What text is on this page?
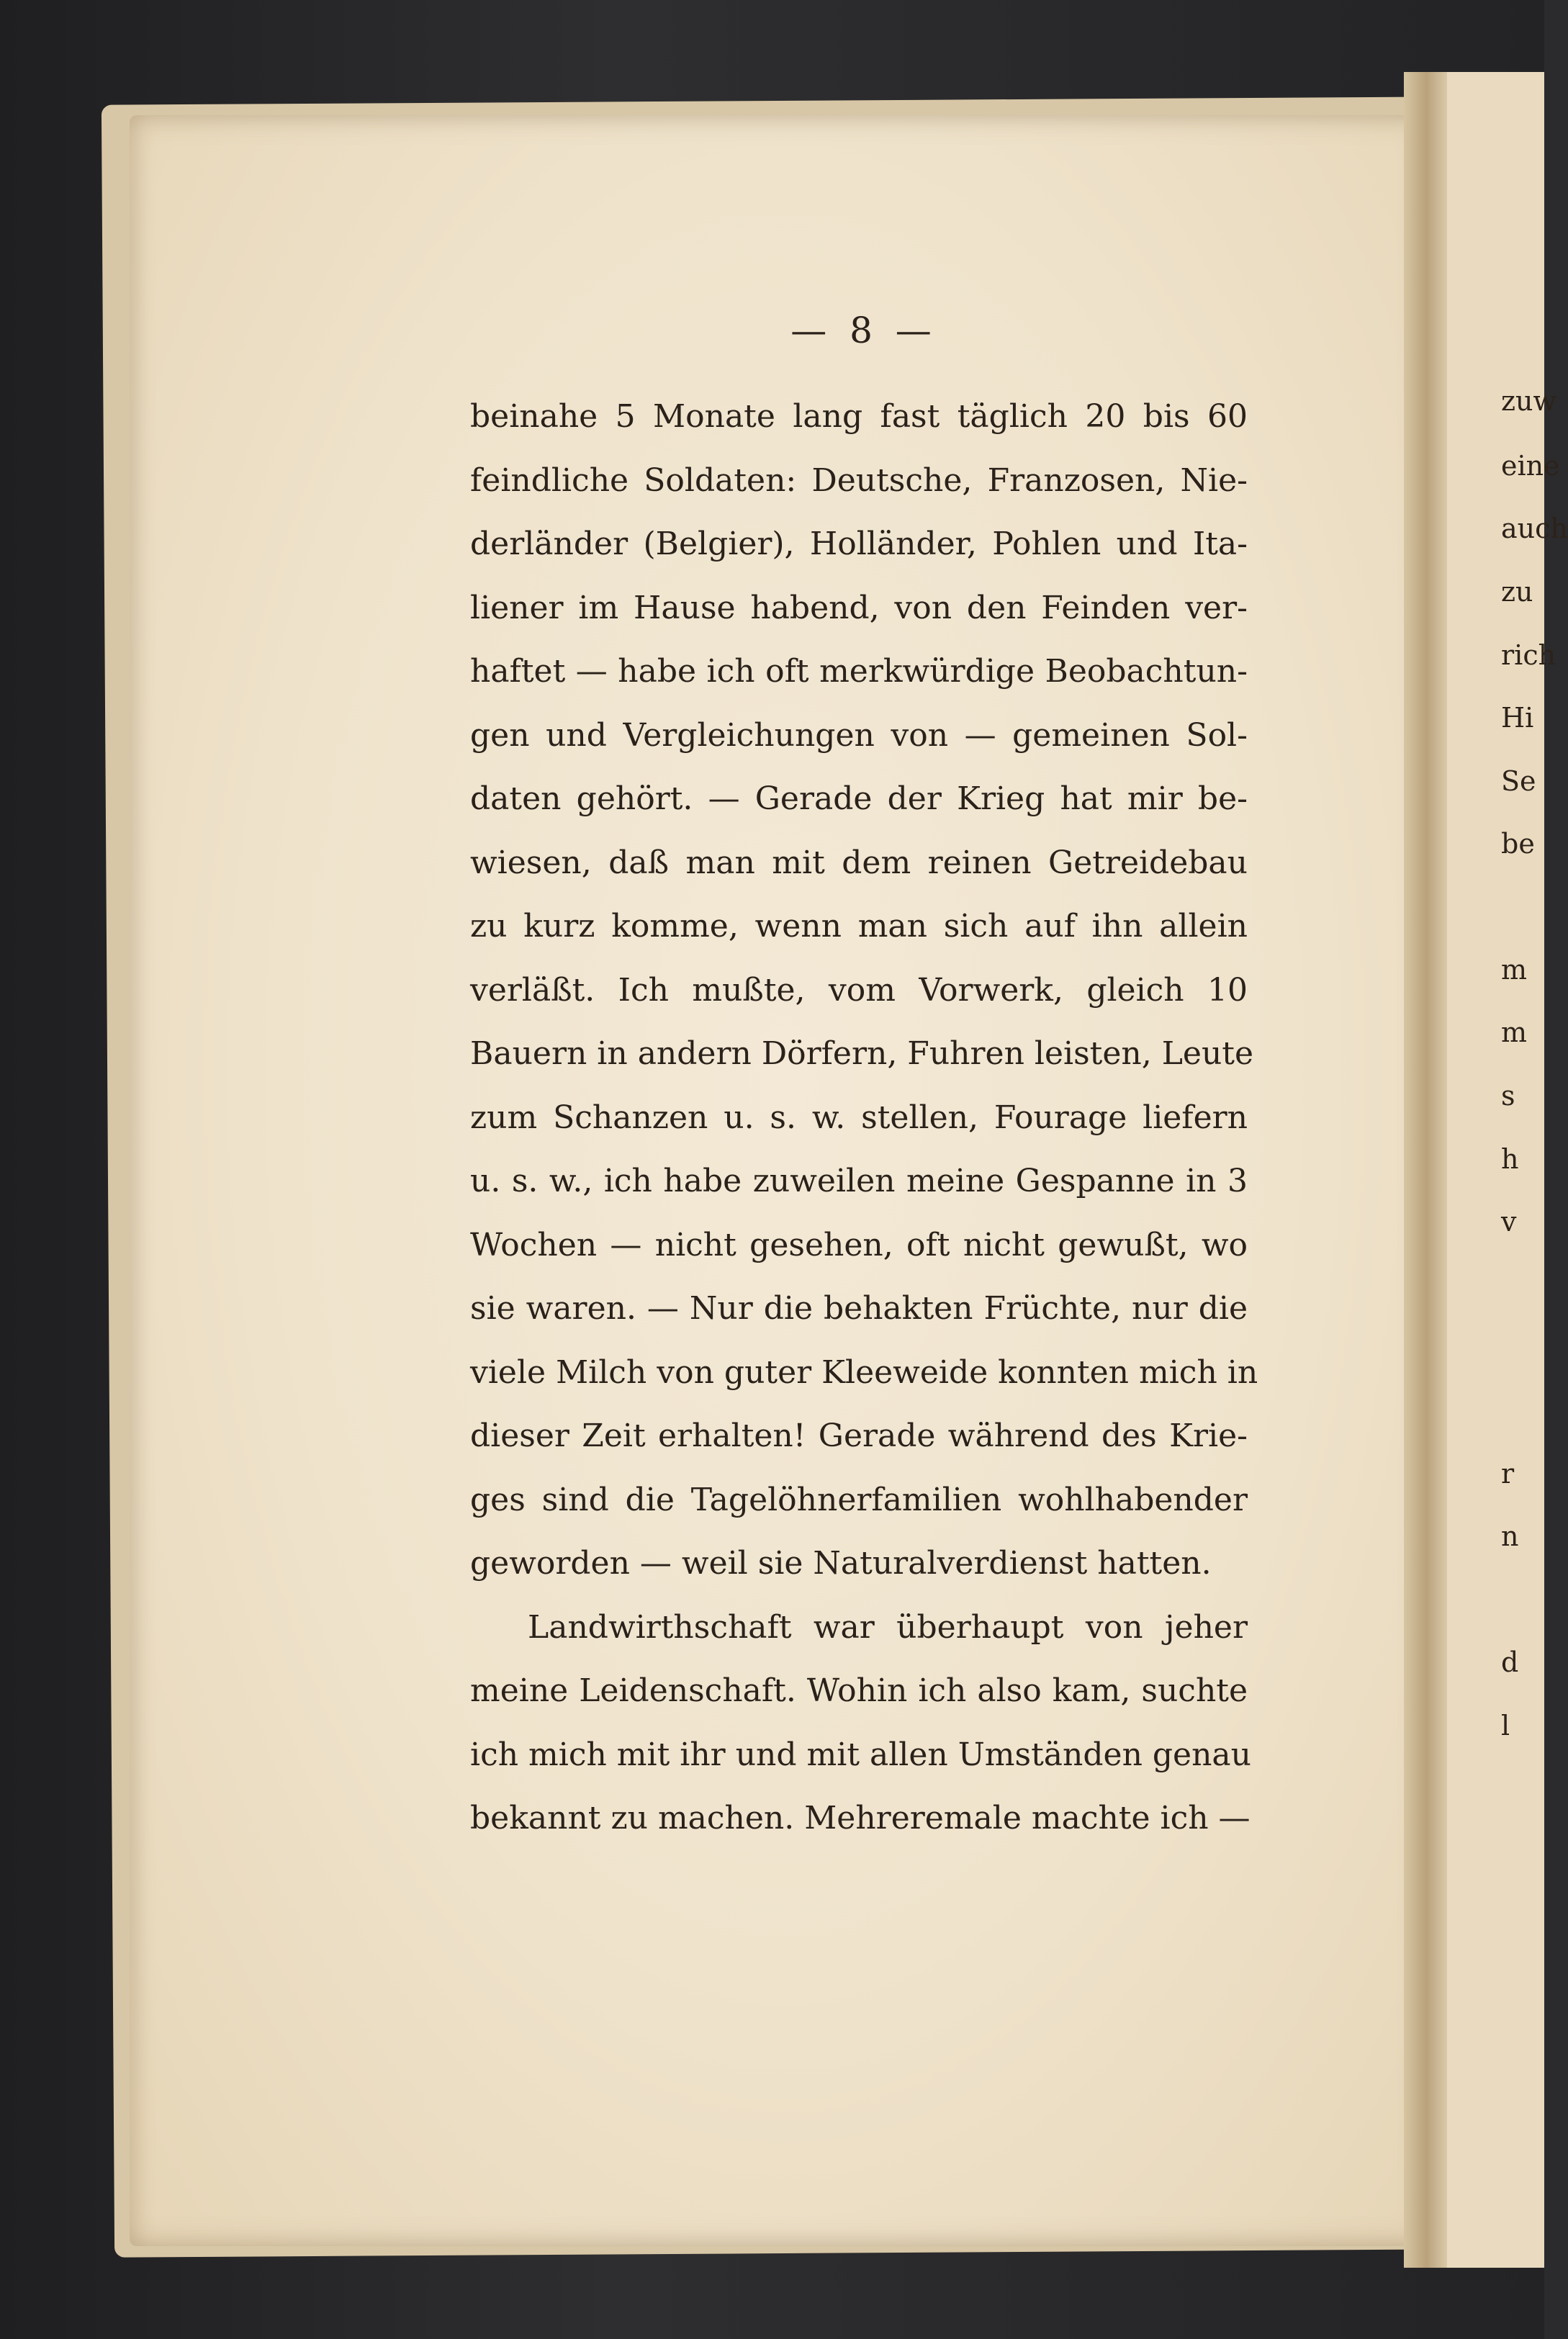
— 8 —
beinahe 5 Monate lang fast täglich 20 bis 60
feindliche Soldaten: Deutsche, Franzosen, Nie-
derländer (Belgier), Holländer, Pohlen und Ita-
liener im Hause habend, von den Feinden ver-
haftet — habe ich oft merkwürdige Beobachtun-
gen und Vergleichungen von — gemeinen Sol-
daten gehört. — Gerade der Krieg hat mir be-
wiesen, daß man mit dem reinen Getreidebau
zu kurz komme, wenn man sich auf ihn allein
verläßt. Ich mußte, vom Vorwerk, gleich 10
Bauern in andern Dörfern, Fuhren leisten, Leute
zum Schanzen u. s. w. stellen, Fourage liefern
u. s. w., ich habe zuweilen meine Gespanne in 3
Wochen — nicht gesehen, oft nicht gewußt, wo
sie waren. — Nur die behakten Früchte, nur die
viele Milch von guter Kleeweide konnten mich in
dieser Zeit erhalten! Gerade während des Krie-
ges sind die Tagelöhnerfamilien wohlhabender
geworden — weil sie Naturalverdienst hatten.
Landwirthschaft war überhaupt von jeher
meine Leidenschaft. Wohin ich also kam, suchte
ich mich mit ihr und mit allen Umständen genau
bekannt zu machen. Mehreremale machte ich —
zuw
eine
auch
zu
rich
Hi
Se
be
m
m
s
h
v
r
n
d
l
